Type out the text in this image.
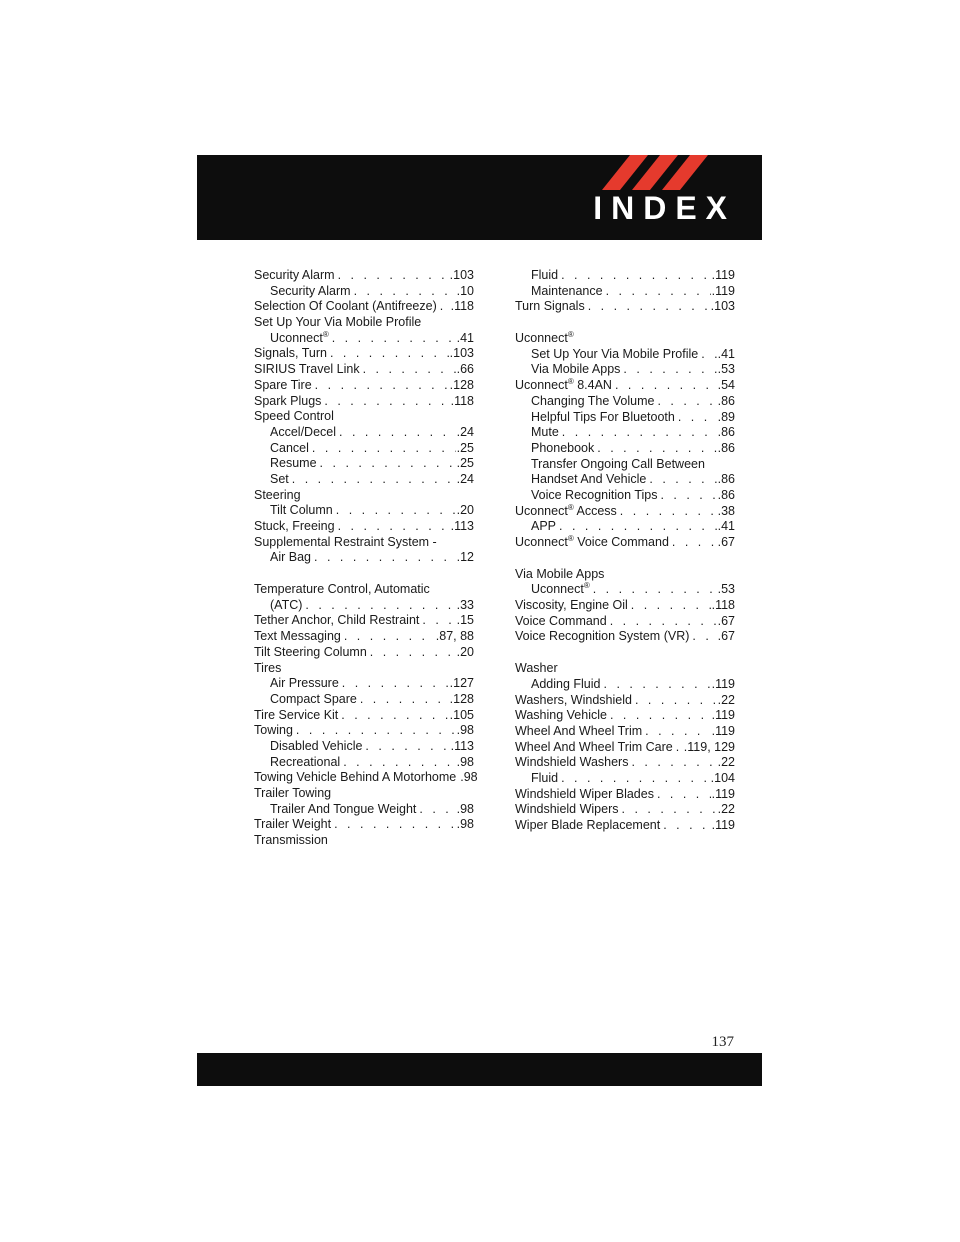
INDEX
Security Alarm . . .	.103
Security Alarm . . .	.10
Selection Of Coolant (Antifreeze) . . . .118
Set Up Your Via Mobile Profile
Uconnect® . . .	.41
Signals, Turn . . .	.103
SIRIUS Travel Link . . .	.66
Spare Tire . . .	.128
Spark Plugs . . .	.118
Speed Control
Accel/Decel . . .	.24
Cancel . . .	.25
Resume . . .	.25
Set . . .	.24
Steering
Tilt Column . . .	.20
Stuck, Freeing . . .	.113
Supplemental Restraint System -
Air Bag . . .	.12
Temperature Control, Automatic
(ATC) . . .	.33
Tether Anchor, Child Restraint . . .	.15
Text Messaging . . .	.87, 88
Tilt Steering Column . . .	.20
Tires
Air Pressure . . .	.127
Compact Spare . . .	.128
Tire Service Kit . . .	.105
Towing . . .	.98
Disabled Vehicle . . .	.113
Recreational . . .	.98
Towing Vehicle Behind A Motorhome . . . .98
Trailer Towing
Trailer And Tongue Weight . . .	.98
Trailer Weight . . .	.98
Transmission
Fluid . . .	.119
Maintenance . . .	.119
Turn Signals . . .	.103
Uconnect®
Set Up Your Via Mobile Profile . . . .41
Via Mobile Apps . . .	.53
Uconnect® 8.4AN . . .	.54
Changing The Volume . . .	.86
Helpful Tips For Bluetooth . . .	.89
Mute . . .	.86
Phonebook . . .	.86
Transfer Ongoing Call Between
Handset And Vehicle . . .	.86
Voice Recognition Tips . . .	.86
Uconnect® Access . . .	.38
APP . . .	.41
Uconnect® Voice Command . . .	.67
Via Mobile Apps
Uconnect® . . .	.53
Viscosity, Engine Oil . . .	.118
Voice Command . . .	.67
Voice Recognition System (VR) . . . .67
Washer
Adding Fluid . . .	.119
Washers, Windshield . . .	.22
Washing Vehicle . . .	.119
Wheel And Wheel Trim . . .	.119
Wheel And Wheel Trim Care . . . .119, 129
Windshield Washers . . .	.22
Fluid . . .	.104
Windshield Wiper Blades . . .	.119
Windshield Wipers . . .	.22
Wiper Blade Replacement . . .	.119
137
